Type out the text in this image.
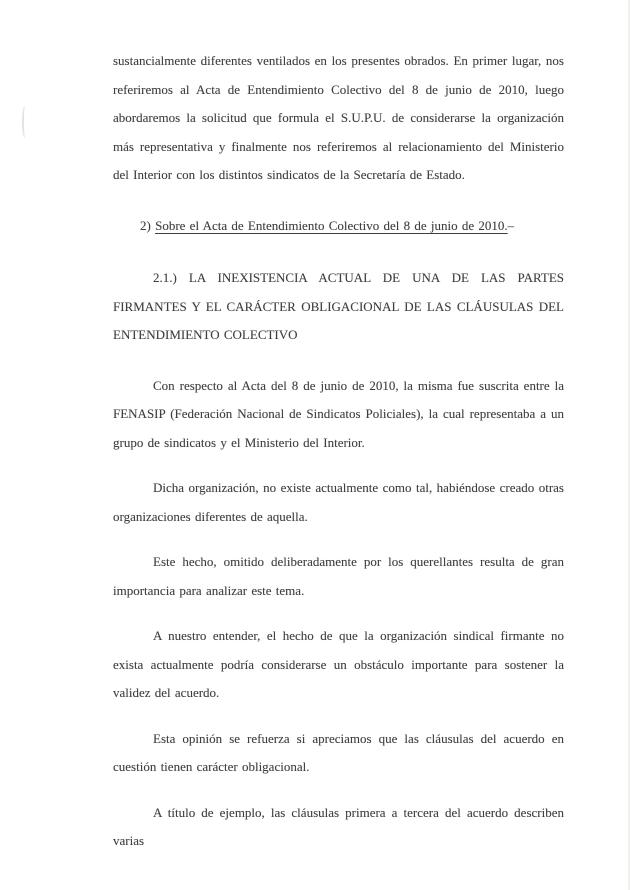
sustancialmente diferentes ventilados en los presentes obrados. En primer lugar, nos referiremos al Acta de Entendimiento Colectivo del 8 de junio de 2010, luego abordaremos la solicitud que formula el S.U.P.U. de considerarse la organización más representativa y finalmente nos referiremos al relacionamiento del Ministerio del Interior con los distintos sindicatos de la Secretaría de Estado.

2) Sobre el Acta de Entendimiento Colectivo del 8 de junio de 2010.–

2.1.) LA INEXISTENCIA ACTUAL DE UNA DE LAS PARTES FIRMANTES Y EL CARÁCTER OBLIGACIONAL DE LAS CLÁUSULAS DEL ENTENDIMIENTO COLECTIVO

Con respecto al Acta del 8 de junio de 2010, la misma fue suscrita entre la FENASIP (Federación Nacional de Sindicatos Policiales), la cual representaba a un grupo de sindicatos y el Ministerio del Interior.

Dicha organización, no existe actualmente como tal, habiéndose creado otras organizaciones diferentes de aquella.

Este hecho, omitido deliberadamente por los querellantes resulta de gran importancia para analizar este tema.

A nuestro entender, el hecho de que la organización sindical firmante no exista actualmente podría considerarse un obstáculo importante para sostener la validez del acuerdo.

Esta opinión se refuerza si apreciamos que las cláusulas del acuerdo en cuestión tienen carácter obligacional.

A título de ejemplo, las cláusulas primera a tercera del acuerdo describen varias
